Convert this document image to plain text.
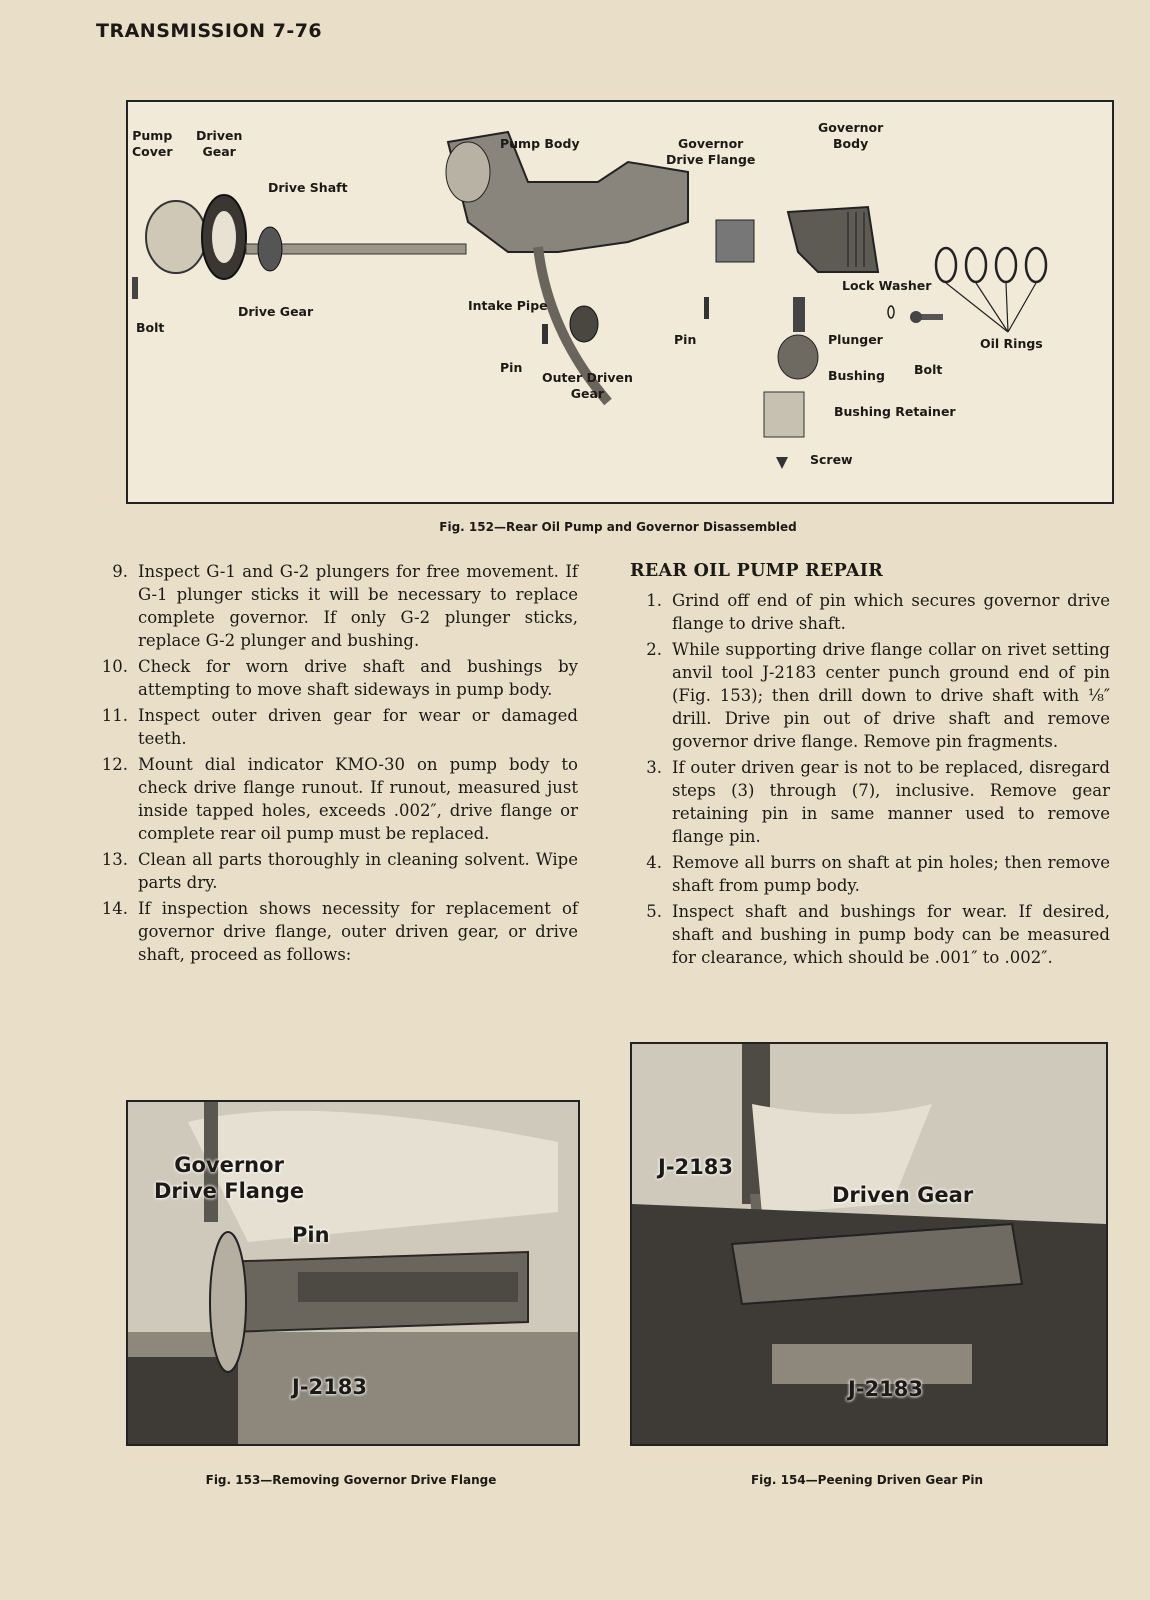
TRANSMISSION 7-76
Pump
Cover
Driven
Gear
Drive Shaft
Pump Body	Governor
Drive Flange
Governor
Body
Bolt
Drive Gear	Intake Pipe
Pin
Outer Driven
Gear
Pin
Lock Washer
Plunger
Bushing Bolt
Oil Rings
Bushing Retainer
Screw
Fig. 152—Rear Oil Pump and Governor Disassembled
9. Inspect G-1 and G-2 plungers for free movement. If G-1 plunger sticks it will be necessary to replace complete governor. If only G-2 plunger sticks, replace G-2 plunger and bushing.
10. Check for worn drive shaft and bushings by attempting to move shaft sideways in pump body.
11. Inspect outer driven gear for wear or damaged teeth.
12. Mount dial indicator KMO-30 on pump body to check drive flange runout. If runout, measured just inside tapped holes, exceeds .002″, drive flange or complete rear oil pump must be replaced.
13. Clean all parts thoroughly in cleaning solvent. Wipe parts dry.
14. If inspection shows necessity for replacement of governor drive flange, outer driven gear, or drive shaft, proceed as follows:
REAR OIL PUMP REPAIR
1. Grind off end of pin which secures governor drive flange to drive shaft.
2. While supporting drive flange collar on rivet setting anvil tool J-2183 center punch ground end of pin (Fig. 153); then drill down to drive shaft with ⅛″ drill. Drive pin out of drive shaft and remove governor drive flange. Remove pin fragments.
3. If outer driven gear is not to be replaced, disregard steps (3) through (7), inclusive. Remove gear retaining pin in same manner used to remove flange pin.
4. Remove all burrs on shaft at pin holes; then remove shaft from pump body.
5. Inspect shaft and bushings for wear. If desired, shaft and bushing in pump body can be measured for clearance, which should be .001″ to .002″.
Governor
Drive Flange
Pin
J-2183
Fig. 153—Removing Governor Drive Flange
J-2183
Driven Gear
J-2183
Fig. 154—Peening Driven Gear Pin
